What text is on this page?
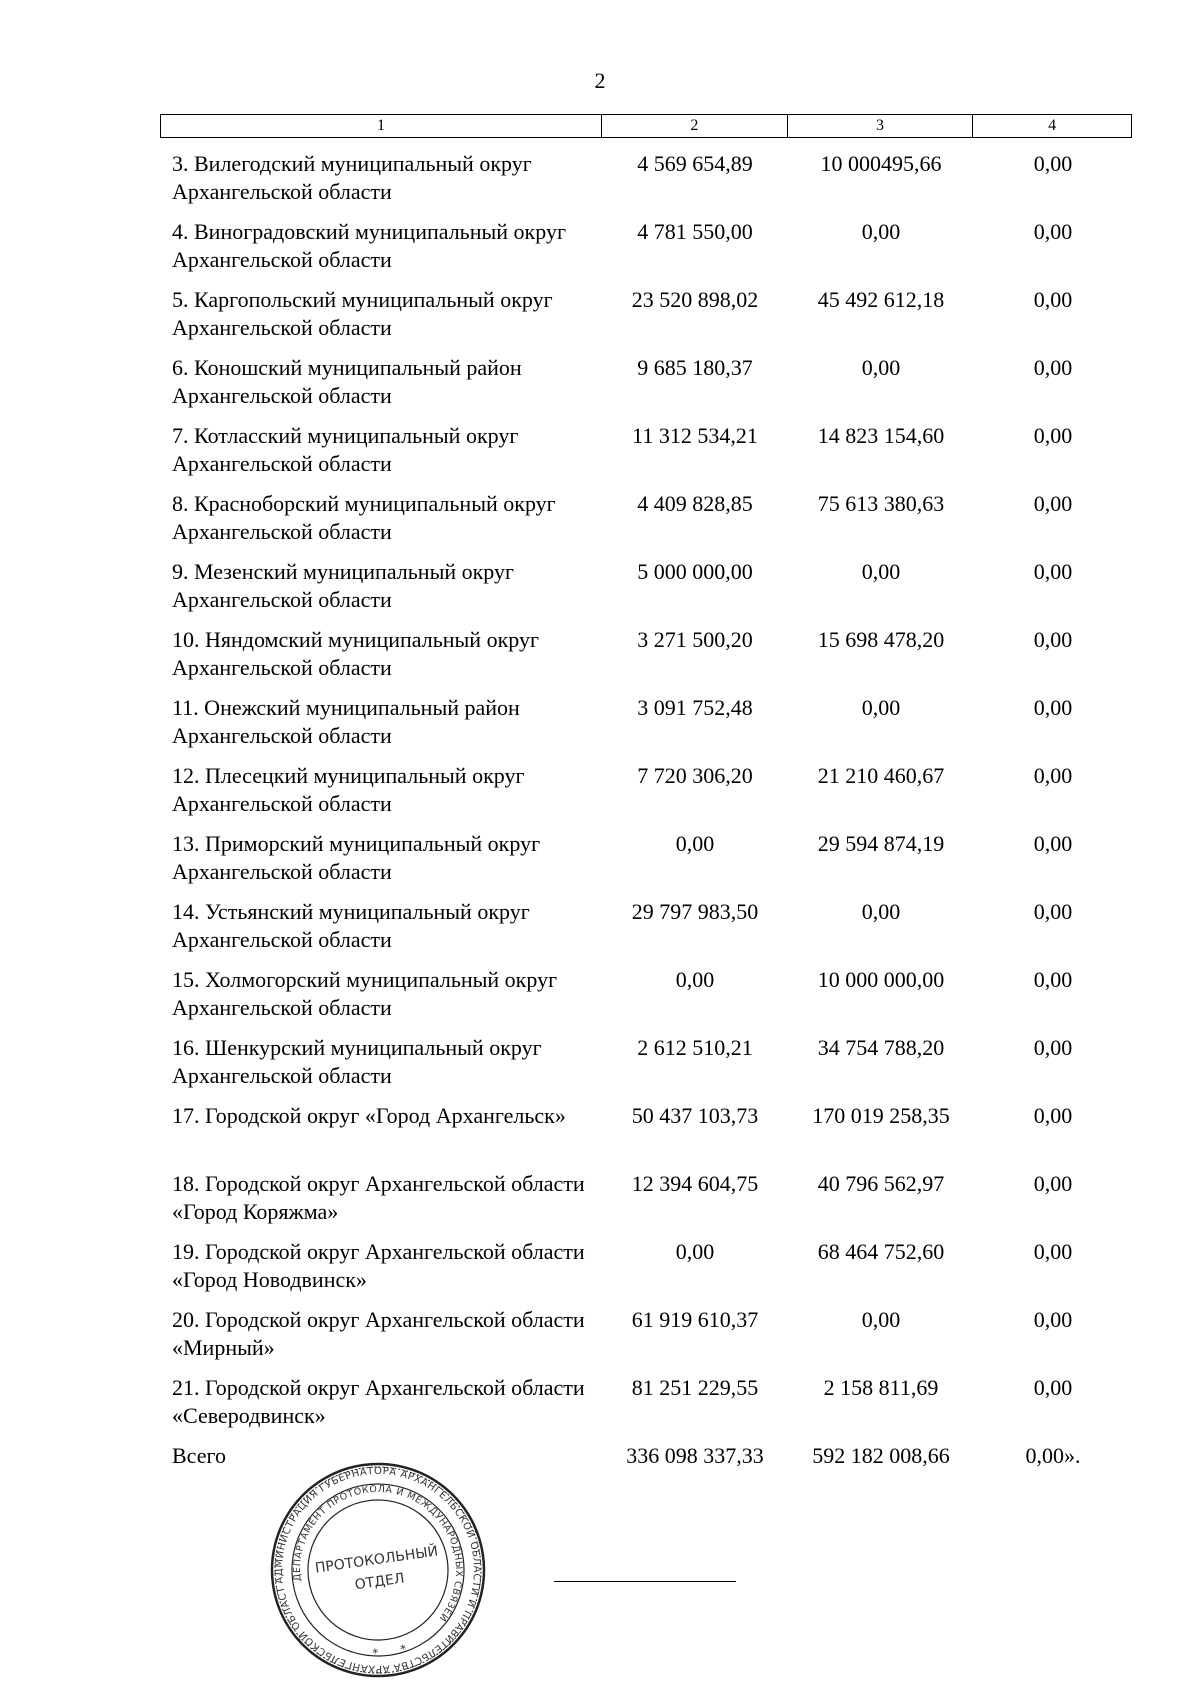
2
1	2	3	4
3. Вилегодский муниципальный округ Архангельской области
4 569 654,89	10 000495,66	0,00
4. Виноградовский муниципальный округ Архангельской области
4 781 550,00	0,00	0,00
5. Каргопольский муниципальный округ Архангельской области
23 520 898,02	45 492 612,18	0,00
6. Коношский муниципальный район Архангельской области
9 685 180,37	0,00	0,00
7. Котласский муниципальный округ Архангельской области
11 312 534,21	14 823 154,60	0,00
8. Красноборский муниципальный округ Архангельской области
4 409 828,85	75 613 380,63	0,00
9. Мезенский муниципальный округ Архангельской области
5 000 000,00	0,00	0,00
10. Няндомский муниципальный округ Архангельской области
3 271 500,20	15 698 478,20	0,00
11. Онежский муниципальный район Архангельской области
3 091 752,48	0,00	0,00
12. Плесецкий муниципальный округ Архангельской области
7 720 306,20	21 210 460,67	0,00
13. Приморский муниципальный округ Архангельской области
0,00	29 594 874,19	0,00
14. Устьянский муниципальный округ Архангельской области
29 797 983,50	0,00	0,00
15. Холмогорский муниципальный округ Архангельской области
0,00	10 000 000,00	0,00
16. Шенкурский муниципальный округ Архангельской области
2 612 510,21	34 754 788,20	0,00
17. Городской округ «Город Архангельск»	50 437 103,73	170 019 258,35	0,00
18. Городской округ Архангельской области «Город Коряжма»
12 394 604,75	40 796 562,97	0,00
19. Городской округ Архангельской области «Город Новодвинск»
0,00	68 464 752,60	0,00
20. Городской округ Архангельской области «Мирный»
61 919 610,37	0,00	0,00
21. Городской округ Архангельской области «Северодвинск»
81 251 229,55	2 158 811,69	0,00
Всего	336 098 337,33	592 182 008,66	0,00».
АДМИНИСТРАЦИЯ ГУБЕРНАТОРА АРХАНГЕЛЬСКОЙ ОБЛАСТИ И ПРАВИТЕЛЬСТВА АРХАНГЕЛЬСКОЙ ОБЛАСТИ
ДЕПАРТАМЕНТ ПРОТОКОЛА И МЕЖДУНАРОДНЫХ СВЯЗЕЙ
ПРОТОКОЛЬНЫЙ
ОТДЕЛ
* *
